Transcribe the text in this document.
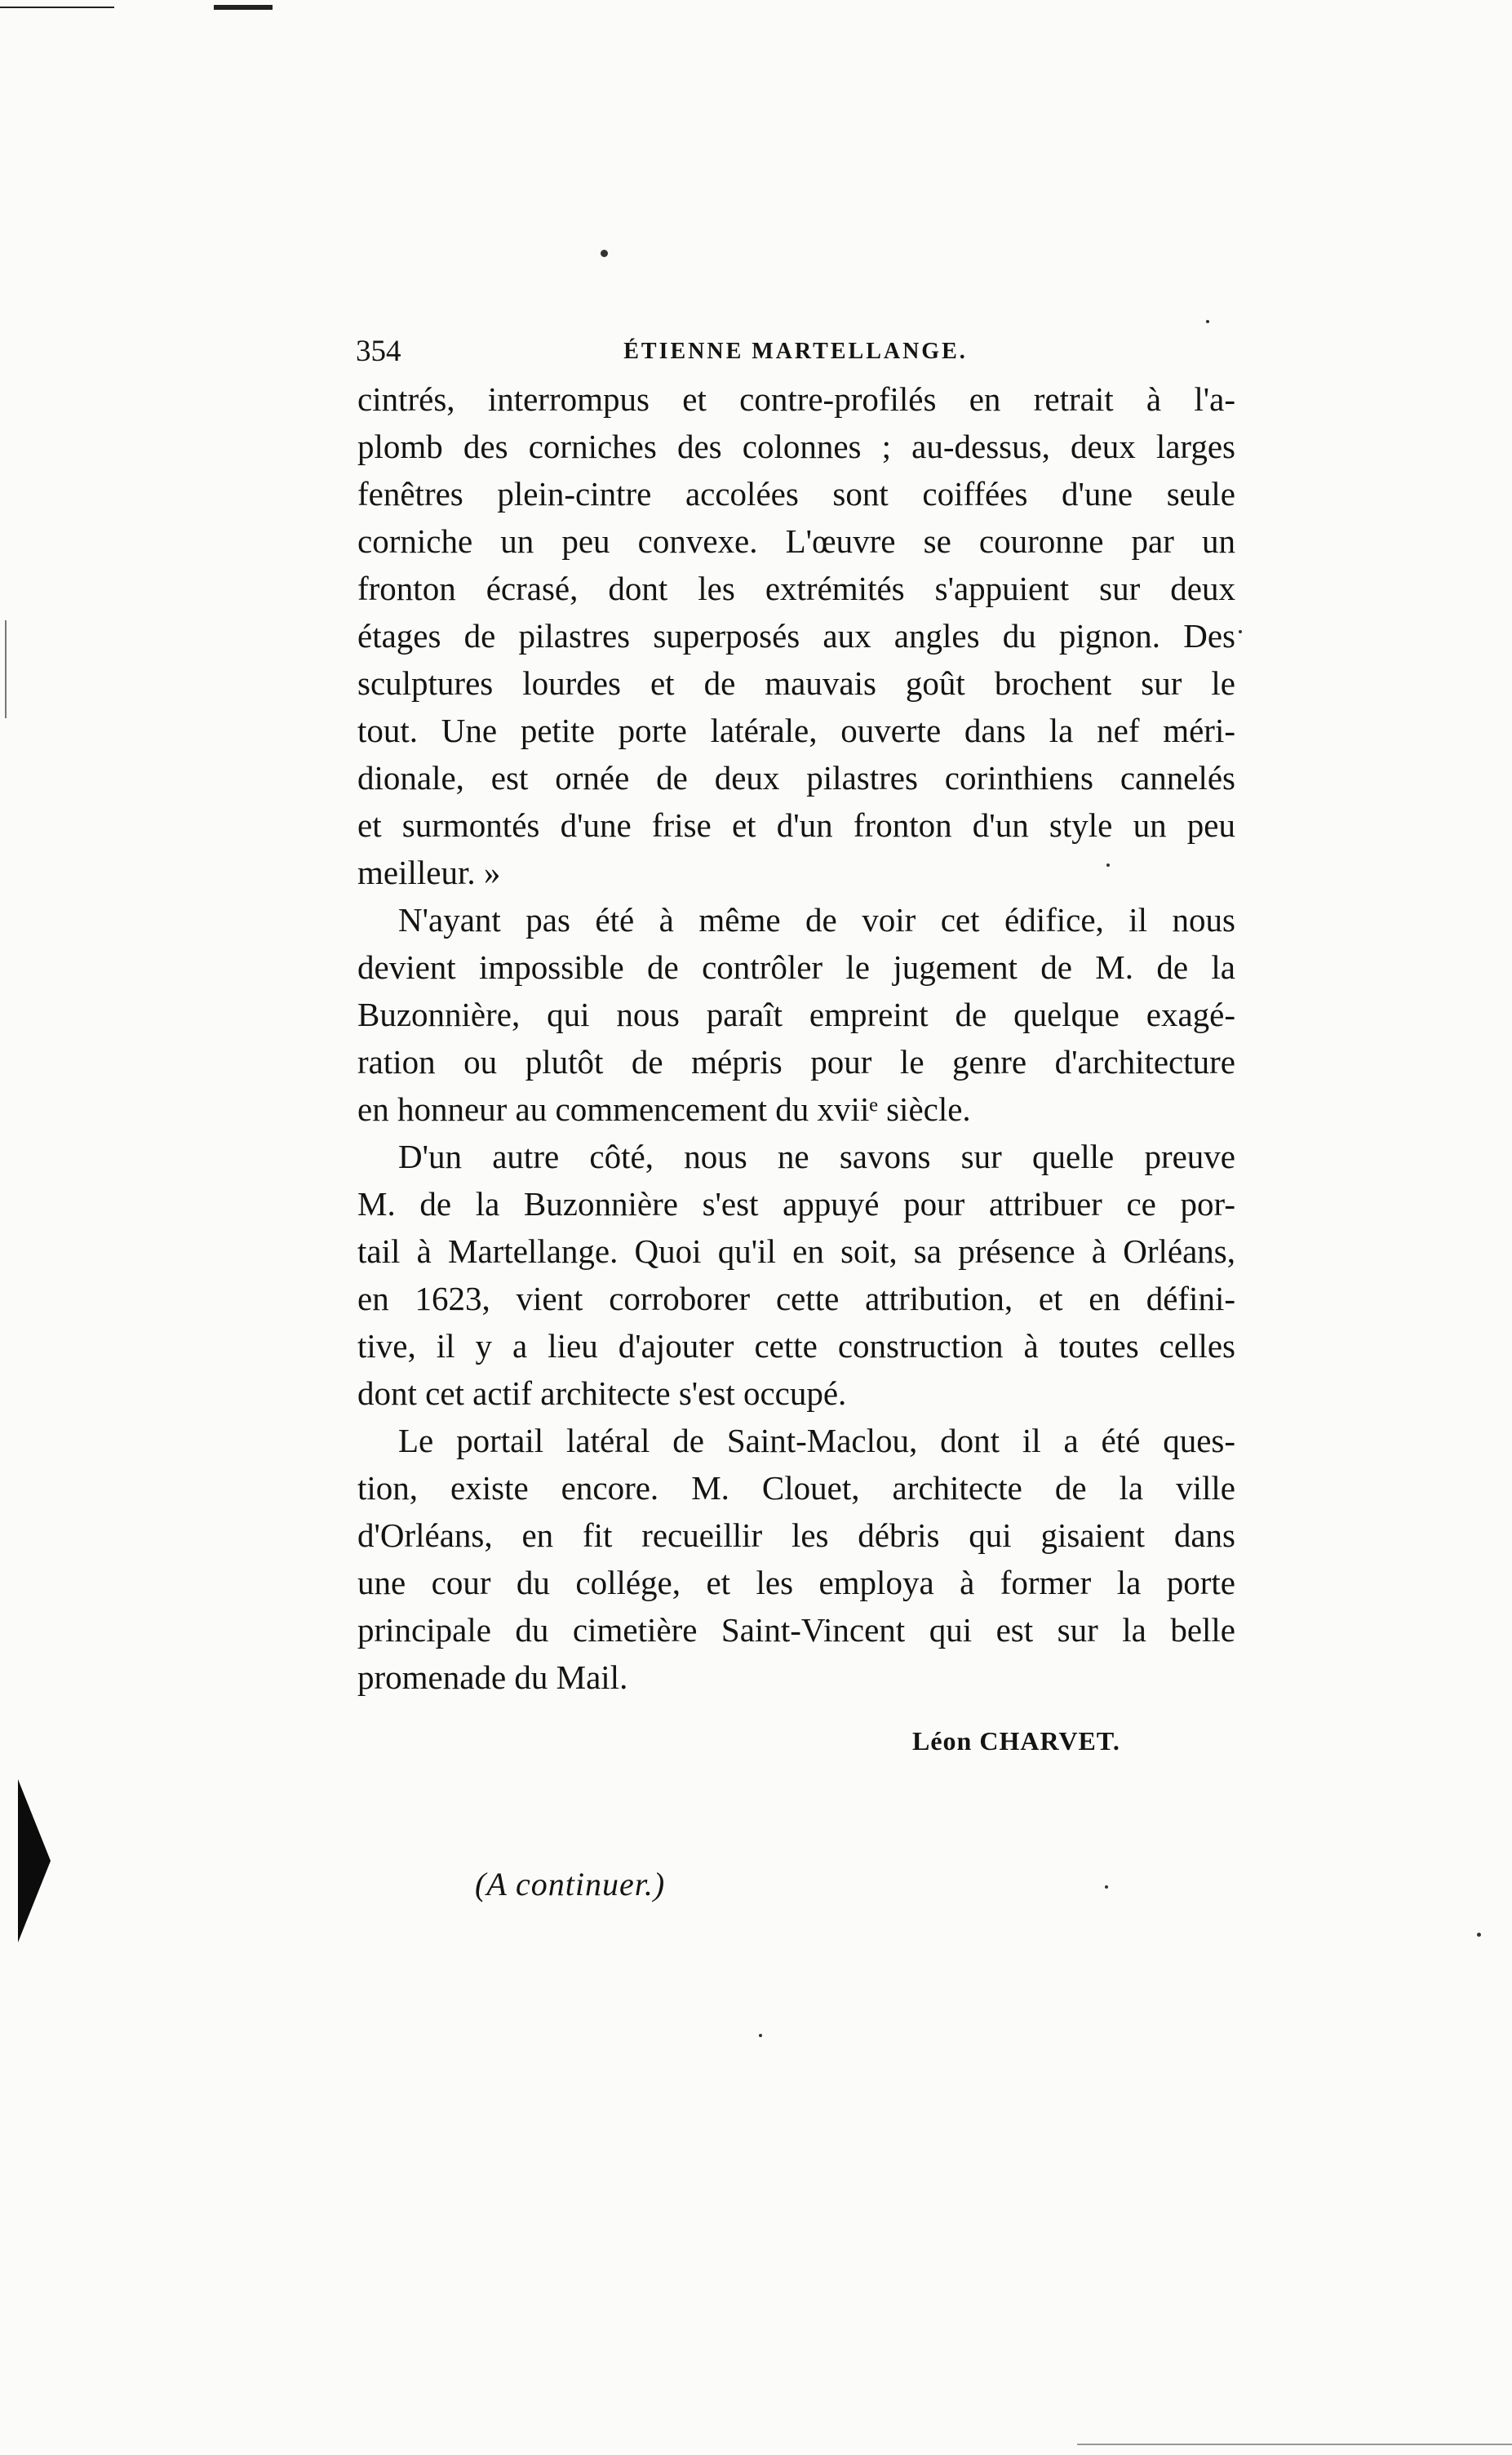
354	ÉTIENNE MARTELLANGE.
cintrés, interrompus et contre-profilés en retrait à l'a-
plomb des corniches des colonnes ; au-dessus, deux larges
fenêtres plein-cintre accolées sont coiffées d'une seule
corniche un peu convexe. L'œuvre se couronne par un
fronton écrasé, dont les extrémités s'appuient sur deux
étages de pilastres superposés aux angles du pignon. Des
sculptures lourdes et de mauvais goût brochent sur le
tout. Une petite porte latérale, ouverte dans la nef méri-
dionale, est ornée de deux pilastres corinthiens cannelés
et surmontés d'une frise et d'un fronton d'un style un peu
meilleur. »
N'ayant pas été à même de voir cet édifice, il nous
devient impossible de contrôler le jugement de M. de la
Buzonnière, qui nous paraît empreint de quelque exagé-
ration ou plutôt de mépris pour le genre d'architecture
en honneur au commencement du xviiᵉ siècle.
D'un autre côté, nous ne savons sur quelle preuve
M. de la Buzonnière s'est appuyé pour attribuer ce por-
tail à Martellange. Quoi qu'il en soit, sa présence à Orléans,
en 1623, vient corroborer cette attribution, et en défini-
tive, il y a lieu d'ajouter cette construction à toutes celles
dont cet actif architecte s'est occupé.
Le portail latéral de Saint-Maclou, dont il a été ques-
tion, existe encore. M. Clouet, architecte de la ville
d'Orléans, en fit recueillir les débris qui gisaient dans
une cour du collége, et les employa à former la porte
principale du cimetière Saint-Vincent qui est sur la belle
promenade du Mail.
Léon CHARVET.
(A continuer.)
